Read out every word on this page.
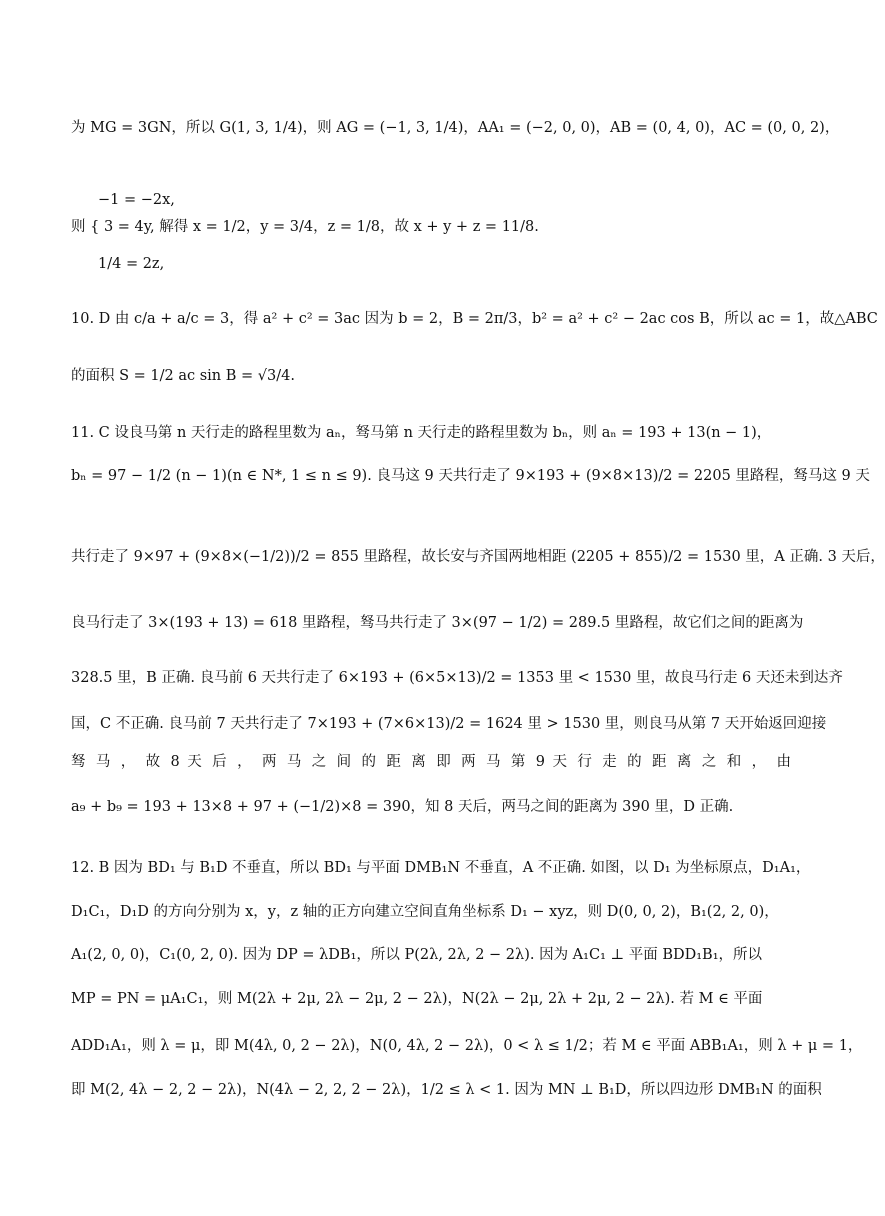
为 MG = 3GN，所以 G(1, 3, 1/4)，则 AG = (−1, 3, 1/4)，AA₁ = (−2, 0, 0)，AB = (0, 4, 0)，AC = (0, 0, 2)，
−1 = −2x,
则 { 3 = 4y, 解得 x = 1/2，y = 3/4，z = 1/8，故 x + y + z = 11/8.
1/4 = 2z,
10. D 由 c/a + a/c = 3，得 a² + c² = 3ac 因为 b = 2，B = 2π/3，b² = a² + c² − 2ac cos B，所以 ac = 1，故△ABC
的面积 S = 1/2 ac sin B = √3/4.
11. C 设良马第 n 天行走的路程里数为 aₙ，驽马第 n 天行走的路程里数为 bₙ，则 aₙ = 193 + 13(n − 1)，
bₙ = 97 − 1/2 (n − 1)(n ∈ N*, 1 ≤ n ≤ 9). 良马这 9 天共行走了 9×193 + (9×8×13)/2 = 2205 里路程，驽马这 9 天
共行走了 9×97 + (9×8×(−1/2))/2 = 855 里路程，故长安与齐国两地相距 (2205 + 855)/2 = 1530 里，A 正确. 3 天后，
良马行走了 3×(193 + 13) = 618 里路程，驽马共行走了 3×(97 − 1/2) = 289.5 里路程，故它们之间的距离为
328.5 里，B 正确. 良马前 6 天共行走了 6×193 + (6×5×13)/2 = 1353 里 < 1530 里，故良马行走 6 天还未到达齐
国，C 不正确. 良马前 7 天共行走了 7×193 + (7×6×13)/2 = 1624 里 > 1530 里，则良马从第 7 天开始返回迎接
驽 马 ， 故 8 天 后 ， 两 马 之 间 的 距 离 即 两 马 第 9 天 行 走 的 距 离 之 和 ， 由
a₉ + b₉ = 193 + 13×8 + 97 + (−1/2)×8 = 390，知 8 天后，两马之间的距离为 390 里，D 正确.
12. B 因为 BD₁ 与 B₁D 不垂直，所以 BD₁ 与平面 DMB₁N 不垂直，A 不正确. 如图，以 D₁ 为坐标原点，D₁A₁，
D₁C₁，D₁D 的方向分别为 x，y，z 轴的正方向建立空间直角坐标系 D₁ − xyz，则 D(0, 0, 2)，B₁(2, 2, 0)，
A₁(2, 0, 0)，C₁(0, 2, 0). 因为 DP = λDB₁，所以 P(2λ, 2λ, 2 − 2λ). 因为 A₁C₁ ⊥ 平面 BDD₁B₁，所以
MP = PN = μA₁C₁，则 M(2λ + 2μ, 2λ − 2μ, 2 − 2λ)，N(2λ − 2μ, 2λ + 2μ, 2 − 2λ). 若 M ∈ 平面
ADD₁A₁，则 λ = μ，即 M(4λ, 0, 2 − 2λ)，N(0, 4λ, 2 − 2λ)，0 < λ ≤ 1/2；若 M ∈ 平面 ABB₁A₁，则 λ + μ = 1，
即 M(2, 4λ − 2, 2 − 2λ)，N(4λ − 2, 2, 2 − 2λ)，1/2 ≤ λ < 1. 因为 MN ⊥ B₁D，所以四边形 DMB₁N 的面积
